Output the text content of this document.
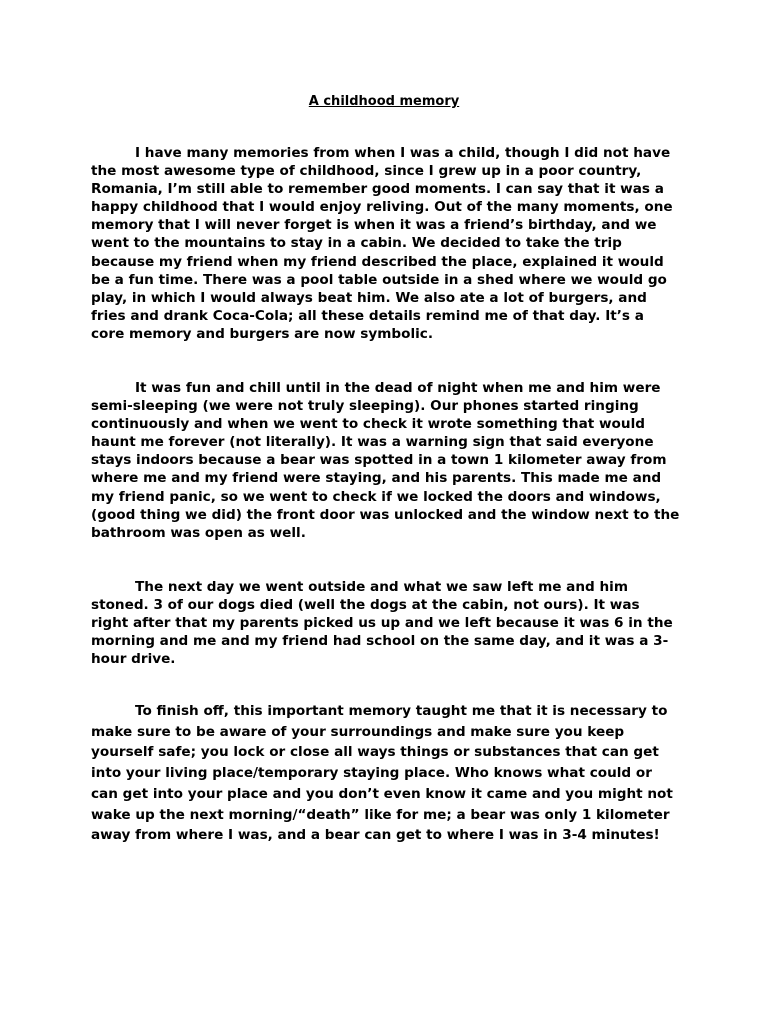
A childhood memory

I have many memories from when I was a child, though I did not have the most awesome type of childhood, since I grew up in a poor country, Romania, I’m still able to remember good moments. I can say that it was a happy childhood that I would enjoy reliving. Out of the many moments, one memory that I will never forget is when it was a friend’s birthday, and we went to the mountains to stay in a cabin. We decided to take the trip because my friend when my friend described the place, explained it would be a fun time. There was a pool table outside in a shed where we would go play, in which I would always beat him. We also ate a lot of burgers, and fries and drank Coca-Cola; all these details remind me of that day. It’s a core memory and burgers are now symbolic.

It was fun and chill until in the dead of night when me and him were semi-sleeping (we were not truly sleeping). Our phones started ringing continuously and when we went to check it wrote something that would haunt me forever (not literally). It was a warning sign that said everyone stays indoors because a bear was spotted in a town 1 kilometer away from where me and my friend were staying, and his parents. This made me and my friend panic, so we went to check if we locked the doors and windows, (good thing we did) the front door was unlocked and the window next to the bathroom was open as well.

The next day we went outside and what we saw left me and him stoned. 3 of our dogs died (well the dogs at the cabin, not ours). It was right after that my parents picked us up and we left because it was 6 in the morning and me and my friend had school on the same day, and it was a 3-hour drive.

To finish off, this important memory taught me that it is necessary to make sure to be aware of your surroundings and make sure you keep yourself safe; you lock or close all ways things or substances that can get into your living place/temporary staying place. Who knows what could or can get into your place and you don’t even know it came and you might not wake up the next morning/“death” like for me; a bear was only 1 kilometer away from where I was, and a bear can get to where I was in 3-4 minutes!
